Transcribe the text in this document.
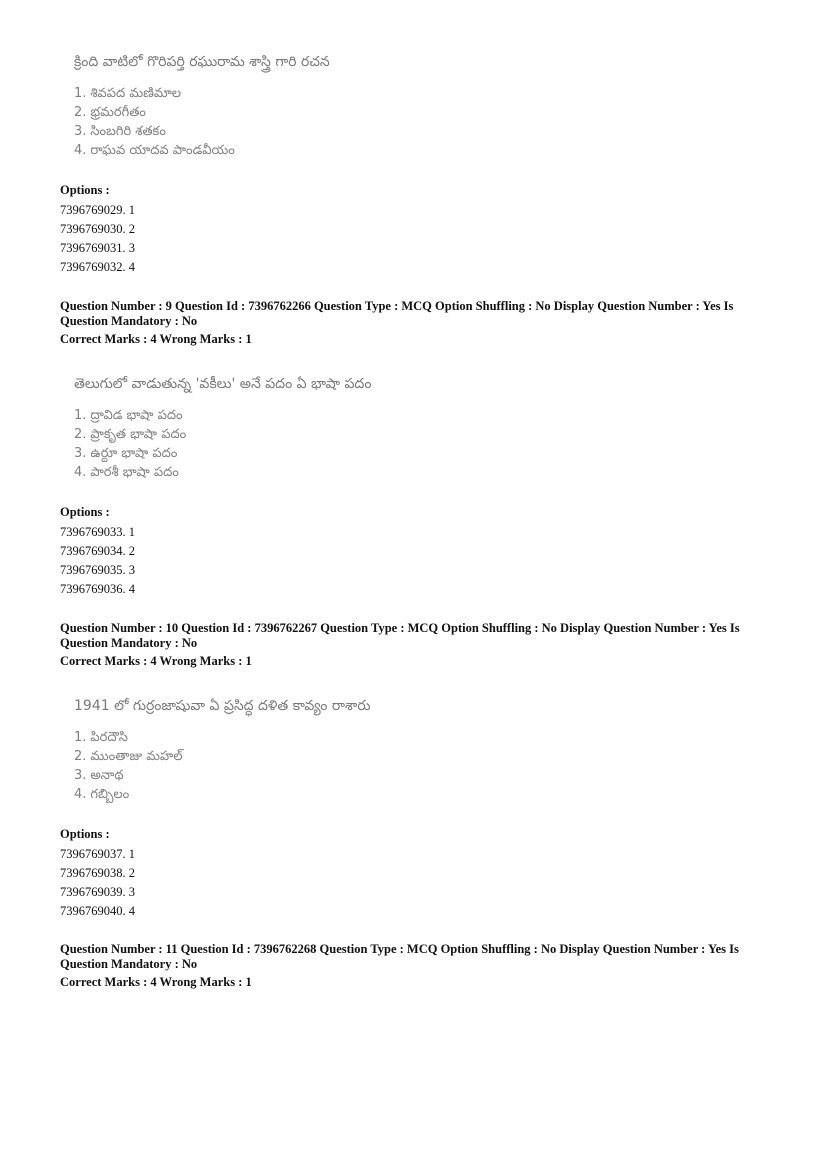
క్రింది వాటిలో గొరిపర్తి రఘురామ శాస్త్రి గారి రచన

1. శివపద మణిమాల
2. భ్రమరగీతం
3. సింబగిరి శతకం
4. రాఘవ యాదవ పాండవీయం
Options :
7396769029. 1
7396769030. 2
7396769031. 3
7396769032. 4
Question Number : 9 Question Id : 7396762266 Question Type : MCQ Option Shuffling : No Display Question Number : Yes Is
Question Mandatory : No
Correct Marks : 4 Wrong Marks : 1

తెలుగులో వాడుతున్న 'వకీలు' అనే పదం ఏ భాషా పదం

1. ద్రావిడ భాషా పదం
2. ప్రాకృత భాషా పదం
3. ఉర్దూ భాషా పదం
4. పారశీ భాషా పదం
Options :
7396769033. 1
7396769034. 2
7396769035. 3
7396769036. 4
Question Number : 10 Question Id : 7396762267 Question Type : MCQ Option Shuffling : No Display Question Number : Yes Is
Question Mandatory : No
Correct Marks : 4 Wrong Marks : 1

1941 లో గుర్రంజాషువా ఏ ప్రసిద్ధ దళిత కావ్యం రాశారు

1. పిరదౌసి
2. ముంతాజు మహల్
3. అనాథ
4. గబ్బిలం
Options :
7396769037. 1
7396769038. 2
7396769039. 3
7396769040. 4
Question Number : 11 Question Id : 7396762268 Question Type : MCQ Option Shuffling : No Display Question Number : Yes Is
Question Mandatory : No
Correct Marks : 4 Wrong Marks : 1
